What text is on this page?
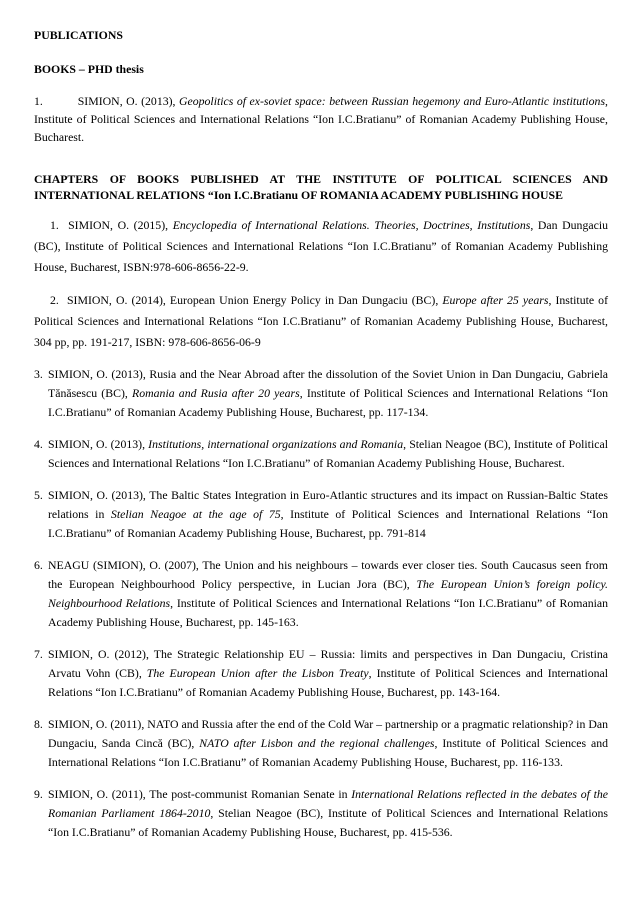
PUBLICATIONS

BOOKS – PHD thesis

1.	SIMION, O. (2013), Geopolitics of ex-soviet space: between Russian hegemony and Euro-Atlantic institutions, Institute of Political Sciences and International Relations “Ion I.C.Bratianu” of Romanian Academy Publishing House, Bucharest.

CHAPTERS OF BOOKS PUBLISHED AT THE INSTITUTE OF POLITICAL SCIENCES AND INTERNATIONAL RELATIONS “Ion I.C.Bratianu OF ROMANIA ACADEMY PUBLISHING HOUSE

1. SIMION, O. (2015), Encyclopedia of International Relations. Theories, Doctrines, Institutions, Dan Dungaciu (BC), Institute of Political Sciences and International Relations “Ion I.C.Bratianu” of Romanian Academy Publishing House, Bucharest, ISBN:978-606-8656-22-9.

2. SIMION, O. (2014), European Union Energy Policy in Dan Dungaciu (BC), Europe after 25 years, Institute of Political Sciences and International Relations “Ion I.C.Bratianu” of Romanian Academy Publishing House, Bucharest, 304 pp, pp. 191-217, ISBN: 978-606-8656-06-9

3. SIMION, O. (2013), Rusia and the Near Abroad after the dissolution of the Soviet Union in Dan Dungaciu, Gabriela Tănăsescu (BC), Romania and Rusia after 20 years, Institute of Political Sciences and International Relations “Ion I.C.Bratianu” of Romanian Academy Publishing House, Bucharest, pp. 117-134.
4. SIMION, O. (2013), Institutions, international organizations and Romania, Stelian Neagoe (BC), Institute of Political Sciences and International Relations “Ion I.C.Bratianu” of Romanian Academy Publishing House, Bucharest.
5. SIMION, O. (2013), The Baltic States Integration in Euro-Atlantic structures and its impact on Russian-Baltic States relations in Stelian Neagoe at the age of 75, Institute of Political Sciences and International Relations “Ion I.C.Bratianu” of Romanian Academy Publishing House, Bucharest, pp. 791-814
6. NEAGU (SIMION), O. (2007), The Union and his neighbours – towards ever closer ties. South Caucasus seen from the European Neighbourhood Policy perspective, in Lucian Jora (BC), The European Union’s foreign policy. Neighbourhood Relations, Institute of Political Sciences and International Relations “Ion I.C.Bratianu” of Romanian Academy Publishing House, Bucharest, pp. 145-163.
7. SIMION, O. (2012), The Strategic Relationship EU – Russia: limits and perspectives in Dan Dungaciu, Cristina Arvatu Vohn (CB), The European Union after the Lisbon Treaty, Institute of Political Sciences and International Relations “Ion I.C.Bratianu” of Romanian Academy Publishing House, Bucharest, pp. 143-164.
8. SIMION, O. (2011), NATO and Russia after the end of the Cold War – partnership or a pragmatic relationship? in Dan Dungaciu, Sanda Cincă (BC), NATO after Lisbon and the regional challenges, Institute of Political Sciences and International Relations “Ion I.C.Bratianu” of Romanian Academy Publishing House, Bucharest, pp. 116-133.
9. SIMION, O. (2011), The post-communist Romanian Senate in International Relations reflected in the debates of the Romanian Parliament 1864-2010, Stelian Neagoe (BC), Institute of Political Sciences and International Relations “Ion I.C.Bratianu” of Romanian Academy Publishing House, Bucharest, pp. 415-536.
